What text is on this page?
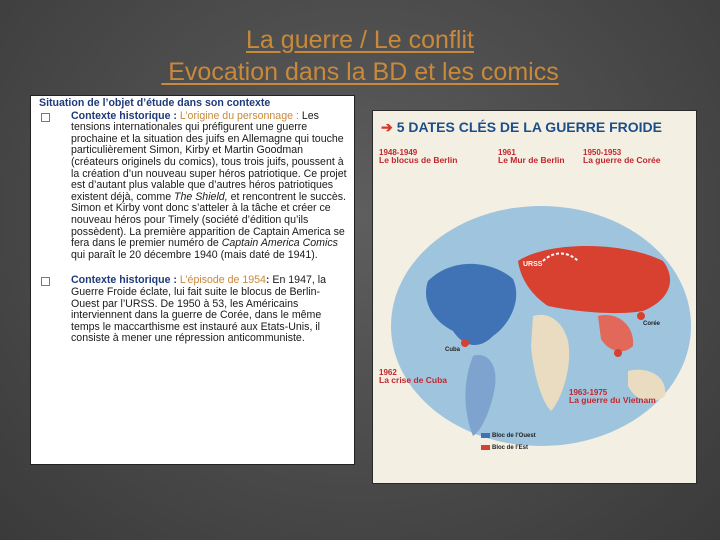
La guerre / Le conflit
Evocation dans la BD et les comics
Situation de l’objet d’étude dans son contexte
Contexte historique : L’origine du personnage : Les tensions internationales qui préfigurent une guerre prochaine et la situation des juifs en Allemagne qui touche particulièrement Simon, Kirby et Martin Goodman (créateurs originels du comics), tous trois juifs, poussent à la création d’un nouveau super héros patriotique. Ce projet est d’autant plus valable que d’autres héros patriotiques existent déjà, comme The Shield, et rencontrent le succès. Simon et Kirby vont donc s’atteler à la tâche et créer ce nouveau héros pour Timely (société d’édition qu’ils possèdent). La première apparition de Captain America se fera dans le premier numéro de Captain America Comics qui paraît le 20 décembre 1940 (mais daté de 1941).
Contexte historique : L’épisode de 1954: En 1947, la Guerre Froide éclate, lui fait suite le blocus de Berlin-Ouest par l’URSS. De 1950 à 53, les Américains interviennent dans la guerre de Corée, dans le même temps le maccarthisme est instauré aux Etats-Unis, il consiste à mener une répression anticommuniste.
➔ 5 DATES CLÉS DE LA GUERRE FROIDE
1948-1949
Le blocus de Berlin
1961
Le Mur de Berlin
1950-1953
La guerre de Corée
1962
La crise de Cuba
Bloc de l’Ouest
Bloc de l’Est
1963-1975
La guerre du Vietnam
URSS
Cuba
Corée
